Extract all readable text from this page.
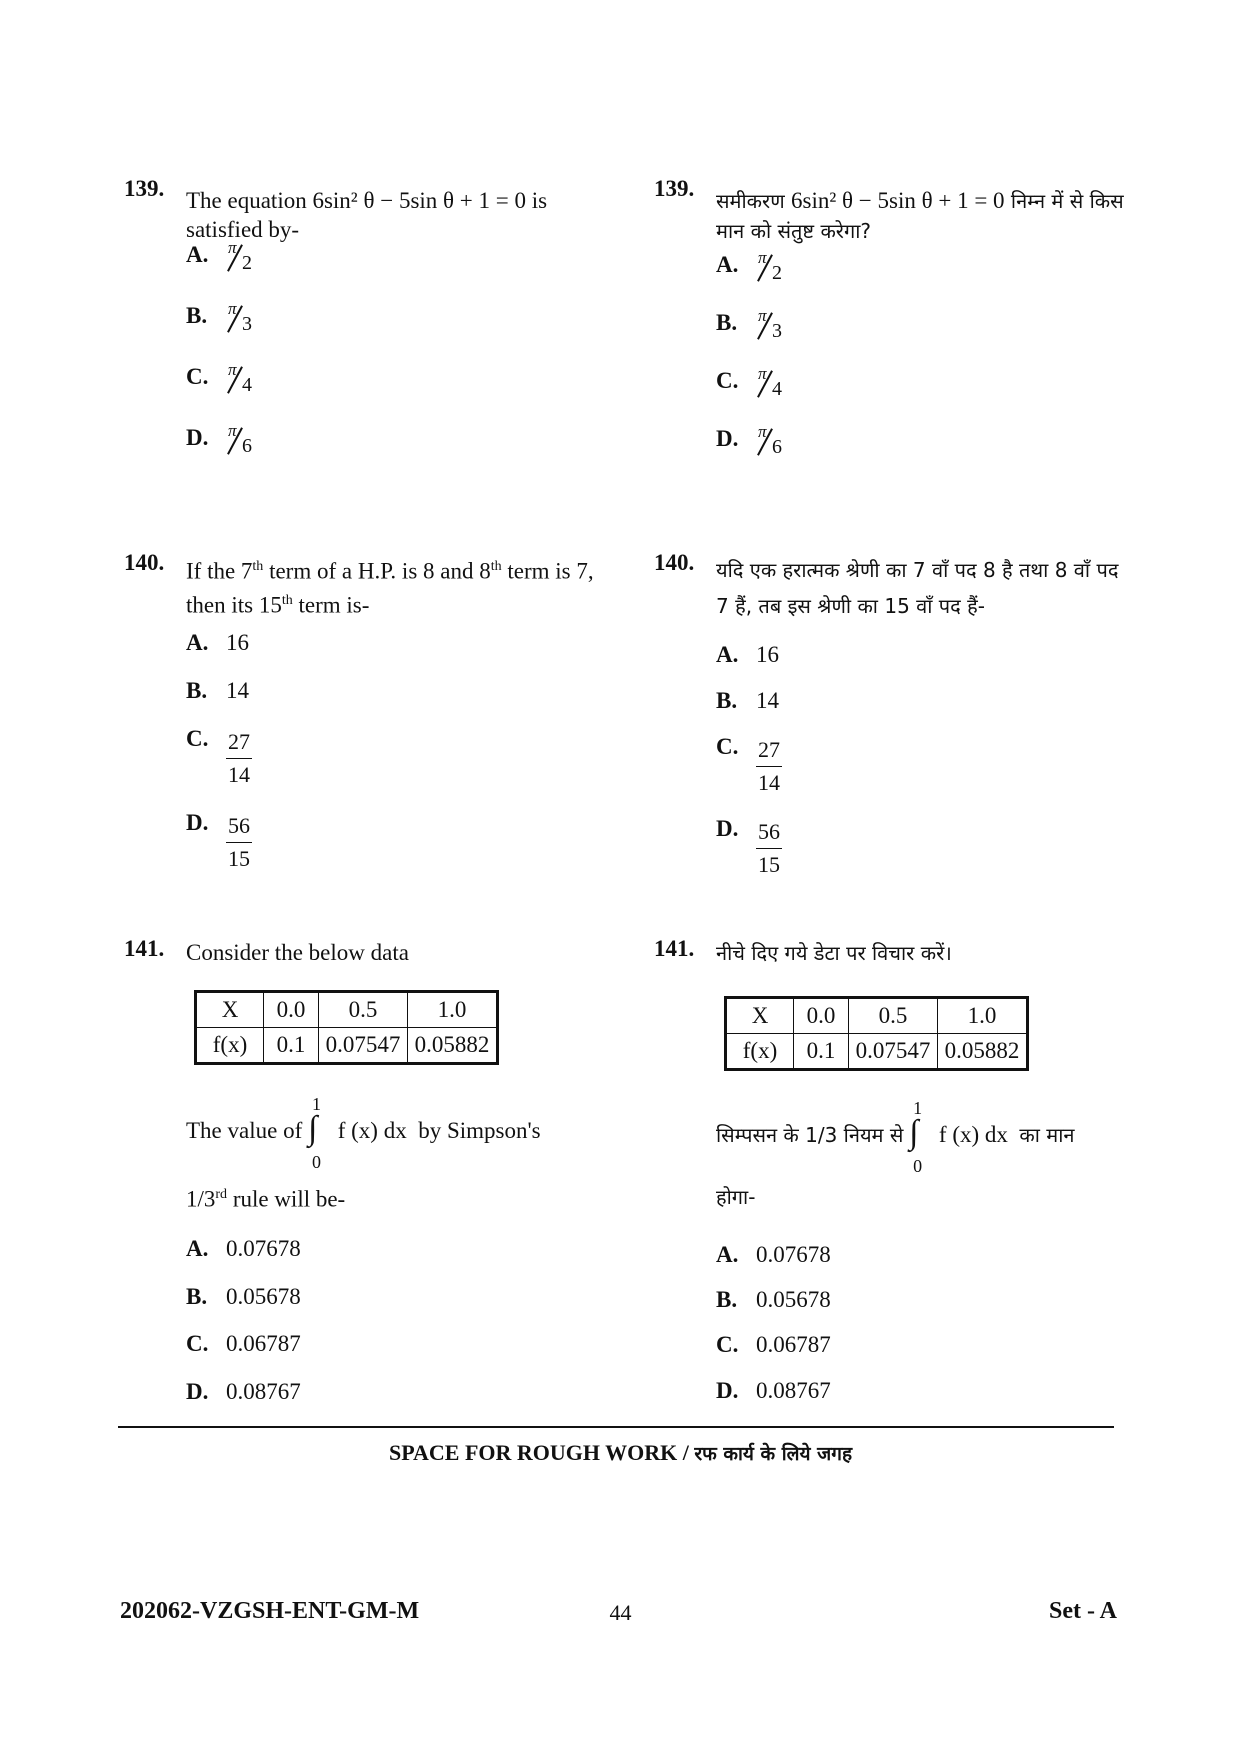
139. The equation 6sin² θ − 5sin θ + 1 = 0 is satisfied by-
A. π
2
B. π
3
C. π
4
D. π
6
140. If the 7th term of a H.P. is 8 and 8th term is 7, then its 15th term is-
A. 16
B. 14
C. $\frac{27}{14}$
D. $\frac{56}{15}$
141. Consider the below data
X	0.0	0.5	1.0
f(x)	0.1	0.07547	0.05882
The value of
1
∫
0
f (x) dx by Simpson's
1/3rd rule will be-
A. 0.07678
B. 0.05678
C. 0.06787
D. 0.08767
139. समीकरण 6sin² θ − 5sin θ + 1 = 0 निम्न में से किस मान को संतुष्ट करेगा?
A. π
2
B. π
3
C. π
4
D. π
6
140. यदि एक हरात्मक श्रेणी का 7 वाँ पद 8 है तथा 8 वाँ पद 7 हैं, तब इस श्रेणी का 15 वाँ पद हैं-
A. 16
B. 14
C. $\frac{27}{14}$
D. $\frac{56}{15}$
141. नीचे दिए गये डेटा पर विचार करें।
X	0.0	0.5	1.0
f(x)	0.1	0.07547	0.05882
सिम्पसन के 1/3 नियम से
1
∫
0
f (x) dx का मान
होगा-
A. 0.07678
B. 0.05678
C. 0.06787
D. 0.08767
SPACE FOR ROUGH WORK / रफ कार्य के लिये जगह
202062-VZGSH-ENT-GM-M	44	Set - A
